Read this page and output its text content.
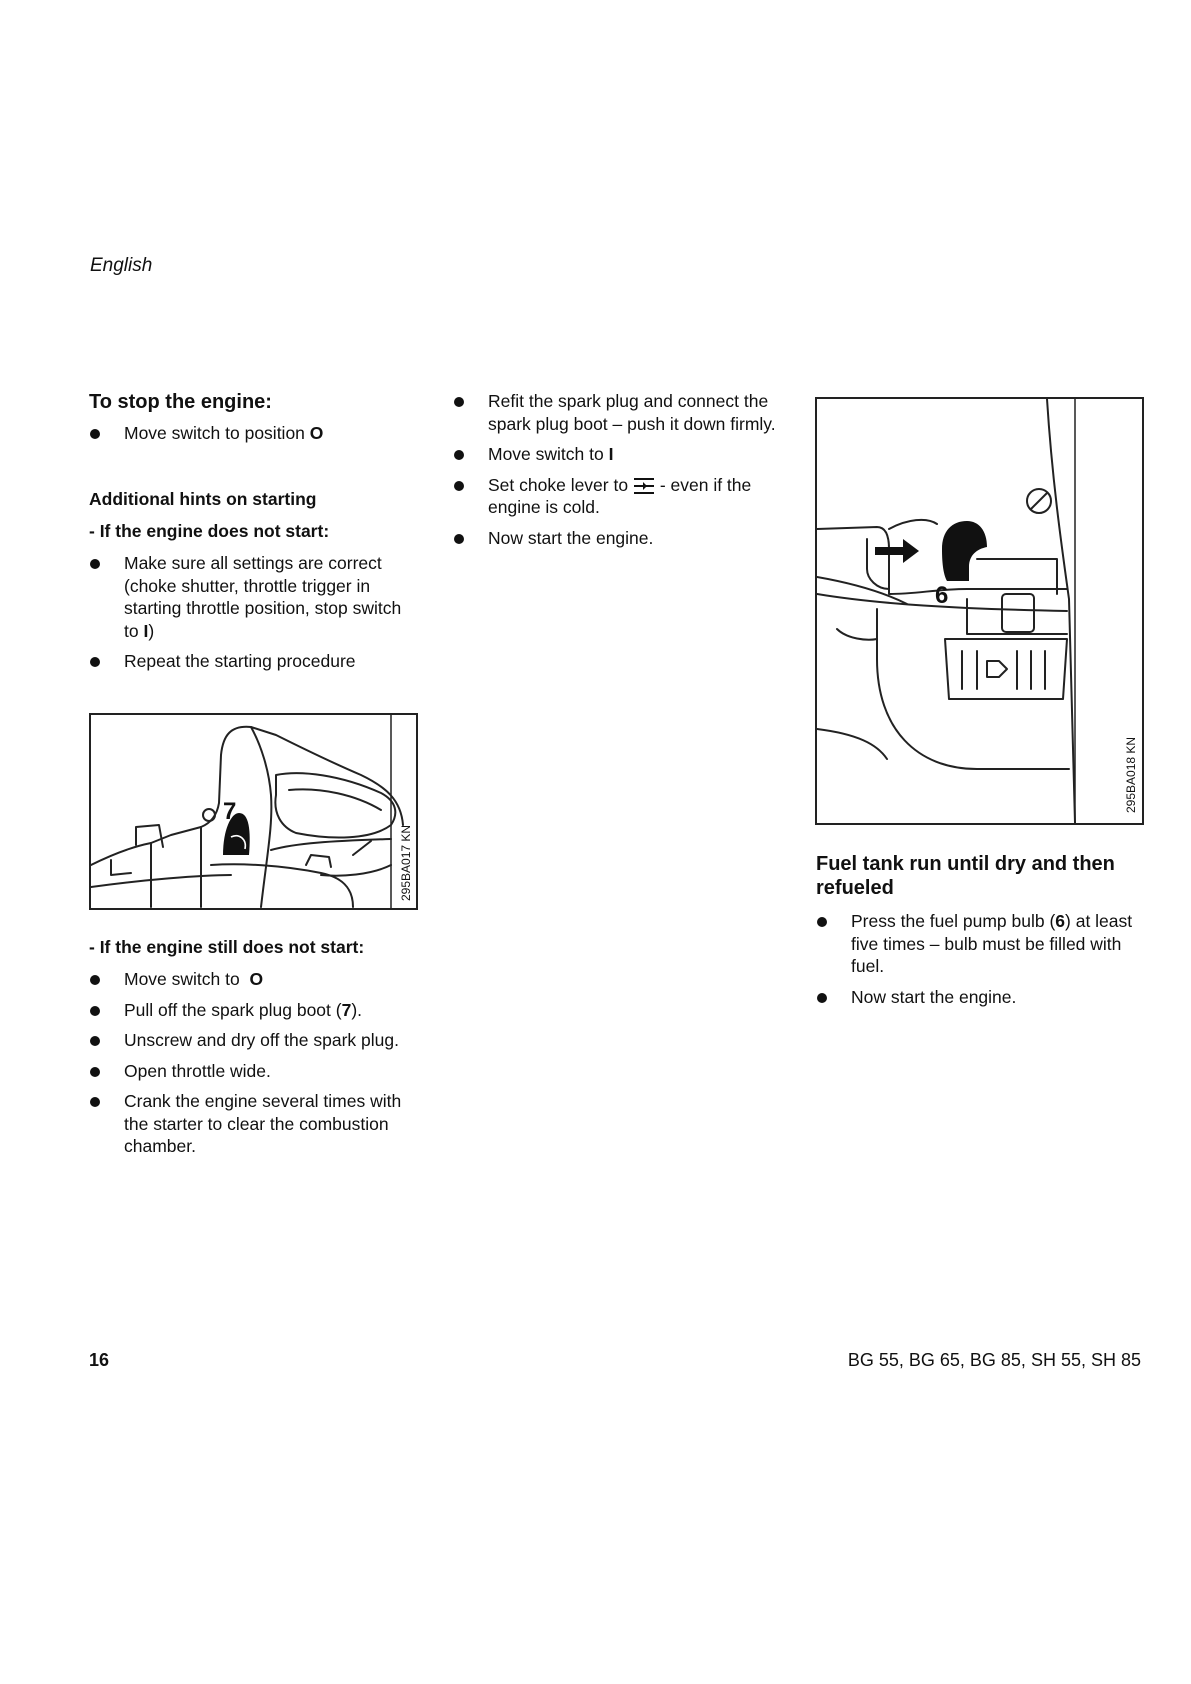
English

To stop the engine:

Move switch to position O

Additional hints on starting

- If the engine does not start:

Make sure all settings are correct (choke shutter, throttle trigger in starting throttle position, stop switch to I)
Repeat the starting procedure

- If the engine still does not start:

Move switch to  O
Pull off the spark plug boot (7).
Unscrew and dry off the spark plug.
Open throttle wide.
Crank the engine several times with the starter to clear the combustion chamber.
7
295BA017 KN
Refit the spark plug and connect the spark plug boot – push it down firmly.
Move switch to I
Set choke lever to  - even if the engine is cold.
Now start the engine.
6
295BA018 KN

Fuel tank run until dry and then refueled

Press the fuel pump bulb (6) at least five times – bulb must be filled with fuel.
Now start the engine.
16	BG 55, BG 65, BG 85, SH 55, SH 85
